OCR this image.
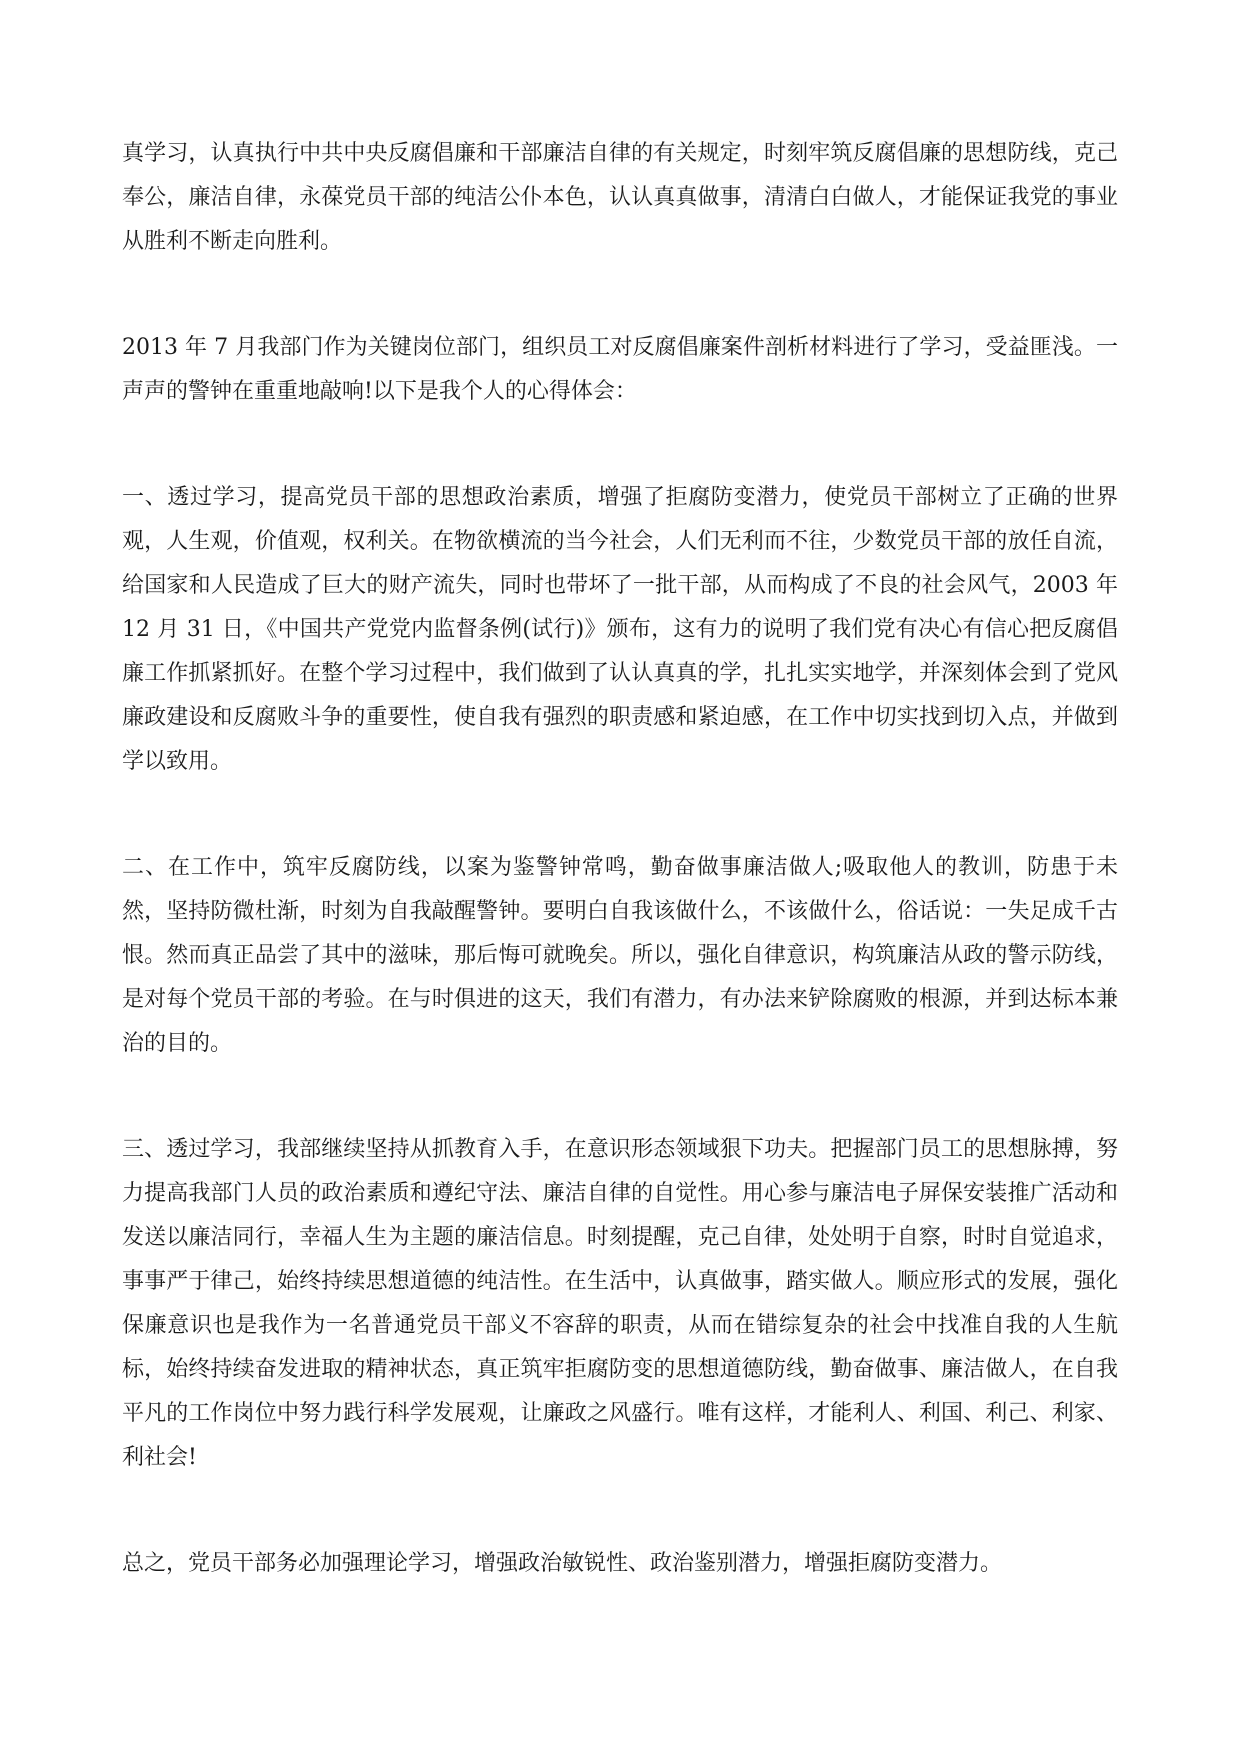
真学习，认真执行中共中央反腐倡廉和干部廉洁自律的有关规定，时刻牢筑反腐倡廉的思想防线，克己奉公，廉洁自律，永葆党员干部的纯洁公仆本色，认认真真做事，清清白白做人，才能保证我党的事业从胜利不断走向胜利。

2013 年 7 月我部门作为关键岗位部门，组织员工对反腐倡廉案件剖析材料进行了学习，受益匪浅。一声声的警钟在重重地敲响!以下是我个人的心得体会：

一、透过学习，提高党员干部的思想政治素质，增强了拒腐防变潜力，使党员干部树立了正确的世界观，人生观，价值观，权利关。在物欲横流的当今社会，人们无利而不往，少数党员干部的放任自流，给国家和人民造成了巨大的财产流失，同时也带坏了一批干部，从而构成了不良的社会风气，2003 年 12 月 31 日，《中国共产党党内监督条例(试行)》颁布，这有力的说明了我们党有决心有信心把反腐倡廉工作抓紧抓好。在整个学习过程中，我们做到了认认真真的学，扎扎实实地学，并深刻体会到了党风廉政建设和反腐败斗争的重要性，使自我有强烈的职责感和紧迫感，在工作中切实找到切入点，并做到学以致用。

二、在工作中，筑牢反腐防线，以案为鉴警钟常鸣，勤奋做事廉洁做人;吸取他人的教训，防患于未然，坚持防微杜渐，时刻为自我敲醒警钟。要明白自我该做什么，不该做什么，俗话说：一失足成千古恨。然而真正品尝了其中的滋味，那后悔可就晚矣。所以，强化自律意识，构筑廉洁从政的警示防线，是对每个党员干部的考验。在与时俱进的这天，我们有潜力，有办法来铲除腐败的根源，并到达标本兼治的目的。

三、透过学习，我部继续坚持从抓教育入手，在意识形态领域狠下功夫。把握部门员工的思想脉搏，努力提高我部门人员的政治素质和遵纪守法、廉洁自律的自觉性。用心参与廉洁电子屏保安装推广活动和发送以廉洁同行，幸福人生为主题的廉洁信息。时刻提醒，克己自律，处处明于自察，时时自觉追求，事事严于律己，始终持续思想道德的纯洁性。在生活中，认真做事，踏实做人。顺应形式的发展，强化保廉意识也是我作为一名普通党员干部义不容辞的职责，从而在错综复杂的社会中找准自我的人生航标，始终持续奋发进取的精神状态，真正筑牢拒腐防变的思想道德防线，勤奋做事、廉洁做人，在自我平凡的工作岗位中努力践行科学发展观，让廉政之风盛行。唯有这样，才能利人、利国、利己、利家、利社会!

总之，党员干部务必加强理论学习，增强政治敏锐性、政治鉴别潜力，增强拒腐防变潜力。
